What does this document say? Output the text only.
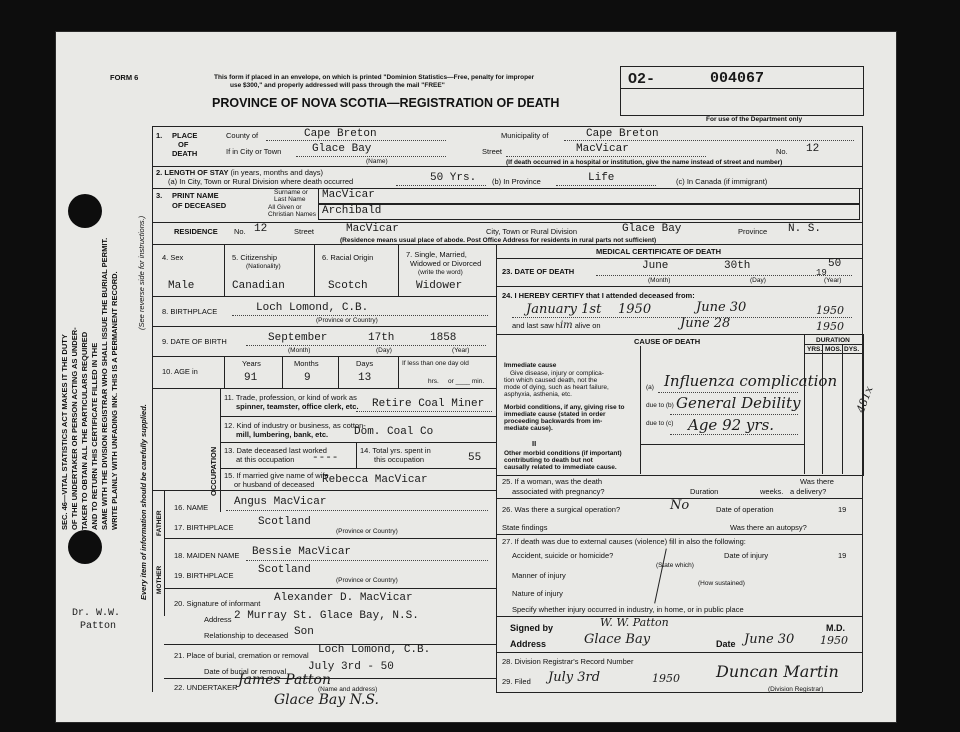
SEC. 46—VITAL STATISTICS ACT MAKES IT THE DUTY OF THE UNDERTAKER OR PERSON ACTING AS UNDER- TAKER TO OBTAIN ALL THE PARTICULARS REQUIRED AND TO RETURN THIS CERTIFICATE FILLED IN THE SAME WITH THE DIVISION REGISTRAR WHO SHALL ISSUE THE BURIAL PERMIT. WRITE PLAINLY WITH UNFADING INK. THIS IS A PERMANENT RECORD. (See reverse side for instructions.)
Every item of information should be carefully supplied.
Dr. W.W.
Patton
FORM 6	This form if placed in an envelope, on which is printed "Dominion Statistics—Free, penalty for improper
use $300," and properly addressed will pass through the mail "FREE"
PROVINCE OF NOVA SCOTIA—REGISTRATION OF DEATH
O2-	004067
For use of the Department only
1. PLACE
OF
DEATH
County of	Cape Breton	Municipality of	Cape Breton
If in City or Town	Glace Bay
(Name)
Street	MacVicar	No. 12
(If death occurred in a hospital or institution, give the name instead of street and number)
2. LENGTH OF STAY (in years, months and days)
(a) In City, Town or Rural Division where death occurred	50 Yrs. (b) In Province	Life	(c) In Canada (if immigrant)
3. PRINT NAME
OF DECEASED
Surname or
Last Name MacVicar
All Given or
Christian Names Archibald
RESIDENCE No. 12	Street	MacVicar	City, Town or Rural Division	Glace Bay	Province N. S.
(Residence means usual place of abode. Post Office Address for residents in rural parts not sufficient)
4. Sex
Male
5. Citizenship
(Nationality)
Canadian
6. Racial Origin
Scotch
7. Single, Married,
Widowed or Divorced
(write the word)
Widower
8. BIRTHPLACE	Loch Lomond, C.B.
(Province or Country)
9. DATE OF BIRTH	September	17th	1858
(Month)	(Day)	(Year)
10. AGE in
Years
91
Months
9
Days
13
If less than one day old
hrs. or ____ min.
OCCUPATION
11. Trade, profession, or kind of work as
spinner, teamster, office clerk, etc. Retire Coal Miner
12. Kind of industry or business, as cotton-
mill, lumbering, bank, etc. Dom. Coal Co
13. Date deceased last worked
at this occupation ----
14. Total yrs. spent in
this occupation	55
15. If married give name of wife
or husband of deceased Rebecca MacVicar
FATHER
16. NAME Angus MacVicar
17. BIRTHPLACE Scotland
(Province or Country)
MOTHER
18. MAIDEN NAME Bessie MacVicar
19. BIRTHPLACE Scotland
(Province or Country)
20. Signature of informant Alexander D. MacVicar
Address 2 Murray St. Glace Bay, N.S.
Relationship to deceased Son
21. Place of burial, cremation or removal Loch Lomond, C.B.
Date of burial or removal July 3rd - 50
22. UNDERTAKER James Patton
(Name and address)
Glace Bay N.S.
MEDICAL CERTIFICATE OF DEATH
23. DATE OF DEATH	June	30th
19
50
(Month)	(Day)	(Year)
24. I HEREBY CERTIFY that I attended deceased from:
January 1st 1950	June 30	1950
and last saw him alive on	June 28	1950
CAUSE OF DEATH	DURATION
YRS. MOS. DYS.
Immediate cause
Give disease, injury or complica-
tion which caused death, not the
mode of dying, such as heart failure,
asphyxia, asthenia, etc.
Morbid conditions, if any, giving rise to
immediate cause (stated in order
proceeding backwards from im-
mediate cause).
II
Other morbid conditions (if important)
contributing to death but not
causally related to immediate cause.
(a) Influenza complication
due to (b) General Debility
due to (c) Age 92 yrs.
481x
25. If a woman, was the death
associated with pregnancy?	Duration	weeks.
Was there
a delivery?
26. Was there a surgical operation?	No	Date of operation	19
State findings	Was there an autopsy?
27. If death was due to external causes (violence) fill in also the following:
Accident, suicide or homicide?	Date of injury	19
(State which)
Manner of injury
(How sustained)
Nature of injury
Specify whether injury occurred in industry, in home, or in public place
Signed by	W. W. Patton	M.D.
Address	Glace Bay	Date June 30 1950
28. Division Registrar's Record Number
29. Filed July 3rd	1950 Duncan Martin
(Division Registrar)
